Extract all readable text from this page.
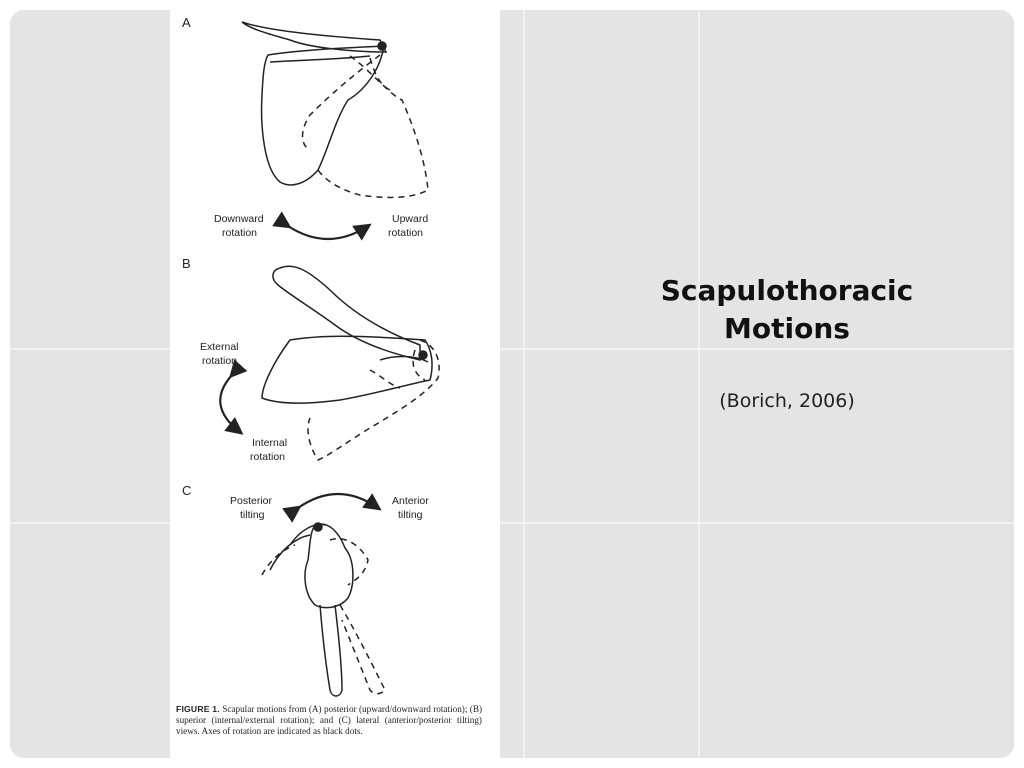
Scapulothoracic
Motions
(Borich, 2006)
A
Downward
rotation
Upward
rotation
B
External
rotation
Internal
rotation
C
Posterior
tilting
Anterior
tilting
FIGURE 1. Scapular motions from (A) posterior (upward/downward rotation); (B) superior (internal/external rotation); and (C) lateral (anterior/posterior tilting) views. Axes of rotation are indicated as black dots.
